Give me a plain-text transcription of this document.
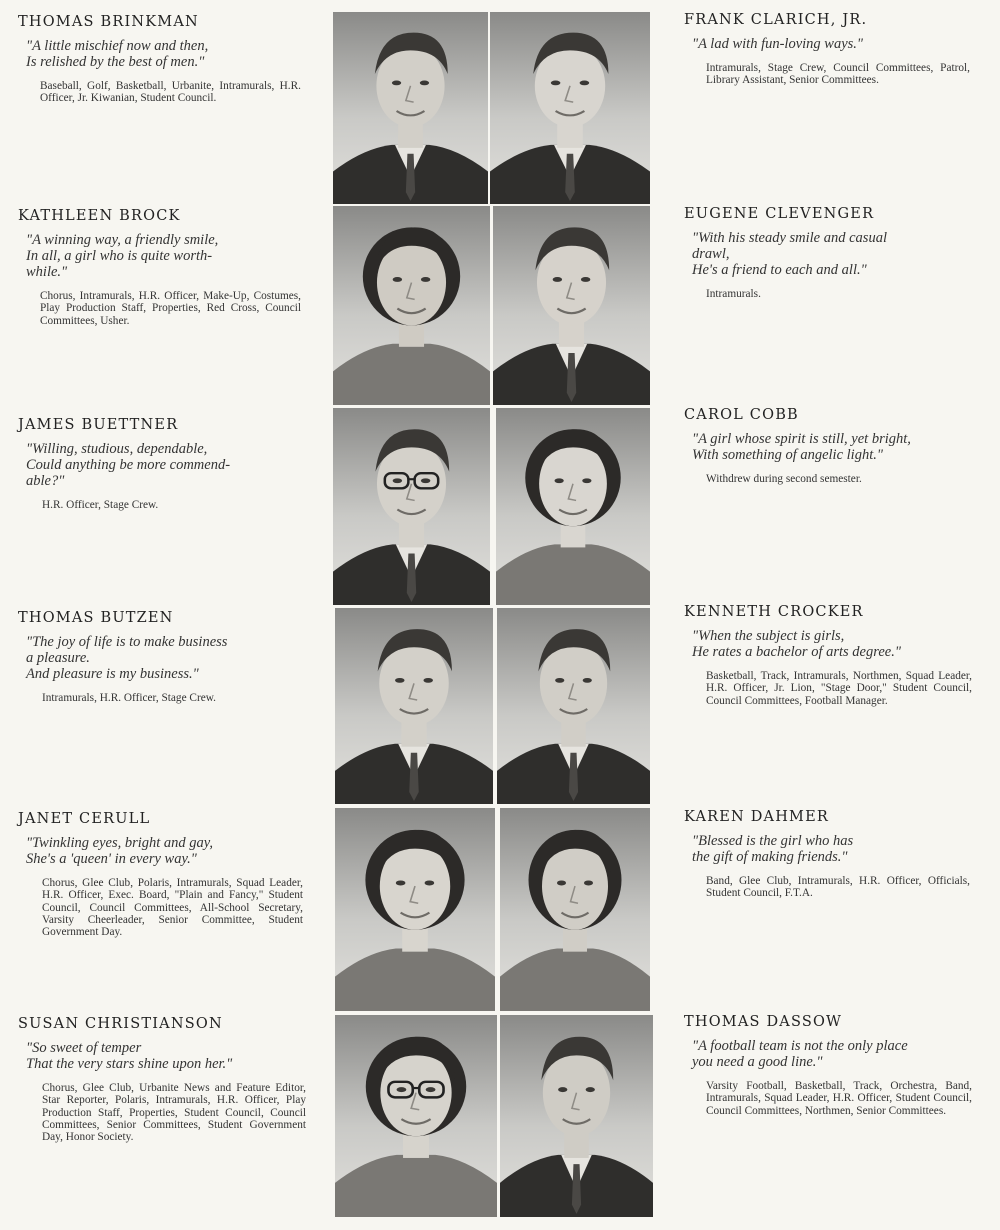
THOMAS BRINKMAN
"A little mischief now and then,
Is relished by the best of men."
Baseball, Golf, Basketball, Urbanite, Intramurals, H.R. Officer, Jr. Kiwanian, Student Council.
KATHLEEN BROCK
"A winning way, a friendly smile,
In all, a girl who is quite worth-
while."
Chorus, Intramurals, H.R. Officer, Make-Up, Costumes, Play Production Staff, Properties, Red Cross, Council Committees, Usher.
JAMES BUETTNER
"Willing, studious, dependable,
Could anything be more commend-
able?"
H.R. Officer, Stage Crew.
THOMAS BUTZEN
"The joy of life is to make business
a pleasure.
And pleasure is my business."
Intramurals, H.R. Officer, Stage Crew.
JANET CERULL
"Twinkling eyes, bright and gay,
She's a 'queen' in every way."
Chorus, Glee Club, Polaris, Intramurals, Squad Leader, H.R. Officer, Exec. Board, "Plain and Fancy," Student Council, Council Committees, All-School Secretary, Varsity Cheerleader, Senior Committee, Student Government Day.
SUSAN CHRISTIANSON
"So sweet of temper
That the very stars shine upon her."
Chorus, Glee Club, Urbanite News and Feature Editor, Star Reporter, Polaris, Intramurals, H.R. Officer, Play Production Staff, Properties, Student Council, Council Committees, Senior Committees, Student Government Day, Honor Society.
FRANK CLARICH, JR.
"A lad with fun-loving ways."
Intramurals, Stage Crew, Council Committees, Patrol, Library Assistant, Senior Committees.
EUGENE CLEVENGER
"With his steady smile and casual
drawl,
He's a friend to each and all."
Intramurals.
CAROL COBB
"A girl whose spirit is still, yet bright,
With something of angelic light."
Withdrew during second semester.
KENNETH CROCKER
"When the subject is girls,
He rates a bachelor of arts degree."
Basketball, Track, Intramurals, Northmen, Squad Leader, H.R. Officer, Jr. Lion, "Stage Door," Student Council, Council Committees, Football Manager.
KAREN DAHMER
"Blessed is the girl who has
the gift of making friends."
Band, Glee Club, Intramurals, H.R. Officer, Officials, Student Council, F.T.A.
THOMAS DASSOW
"A football team is not the only place
you need a good line."
Varsity Football, Basketball, Track, Orchestra, Band, Intramurals, Squad Leader, H.R. Officer, Student Council, Council Committees, Northmen, Senior Committees.
